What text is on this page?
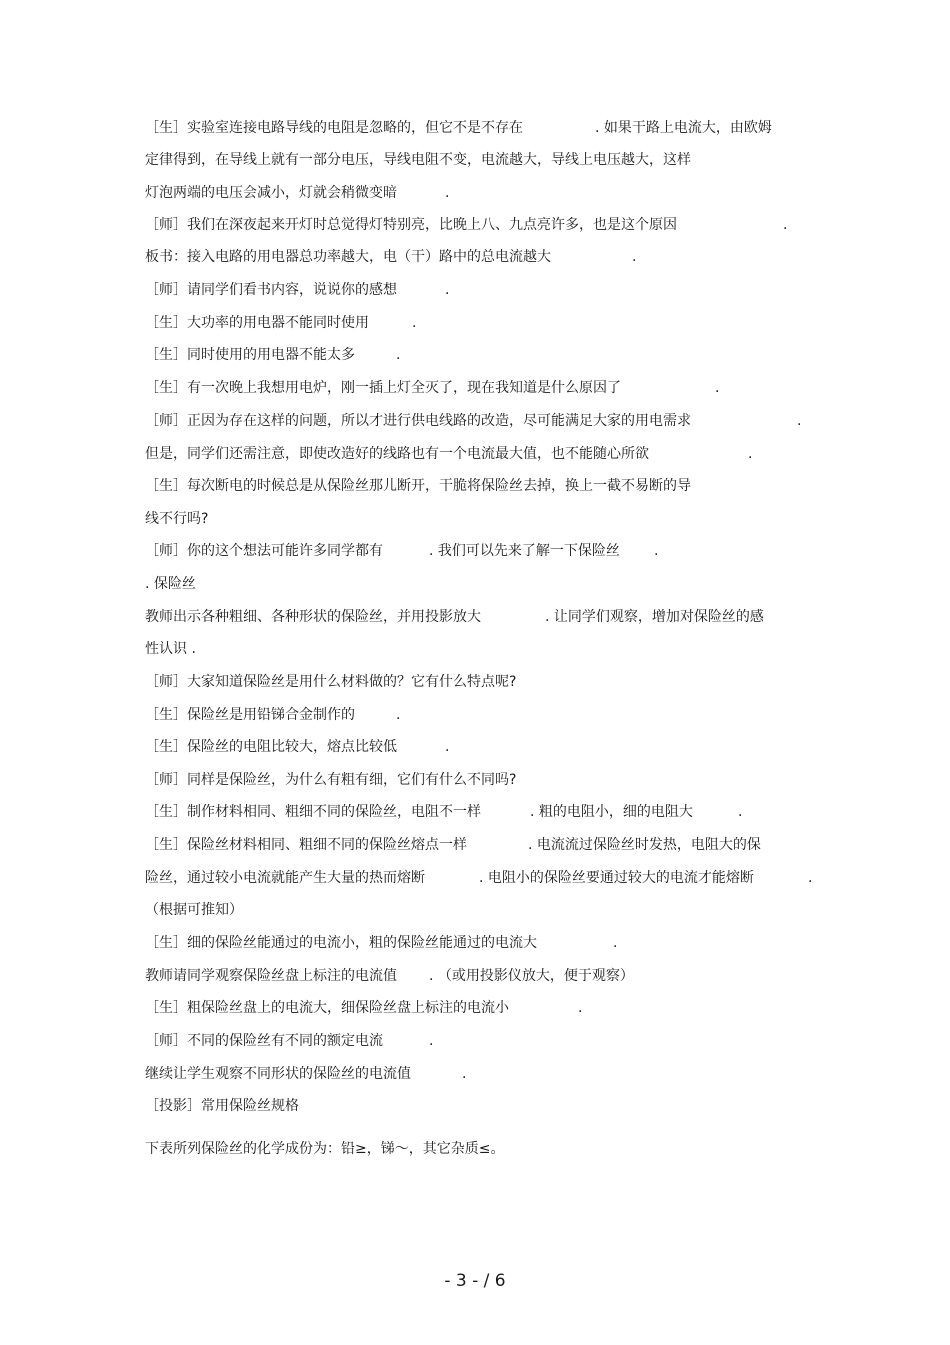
［生］实验室连接电路导线的电阻是忽略的，但它不是不存在	. 如果干路上电流大，由欧姆
定律得到，在导线上就有一部分电压，导线电阻不变，电流越大，导线上电压越大，这样
灯泡两端的电压会减小，灯就会稍微变暗	.
［师］我们在深夜起来开灯时总觉得灯特别亮，比晚上八、九点亮许多，也是这个原因	.
板书：接入电路的用电器总功率越大，电（干）路中的总电流越大	.
［师］请同学们看书内容，说说你的感想	.
［生］大功率的用电器不能同时使用	.
［生］同时使用的用电器不能太多	.
［生］有一次晚上我想用电炉，刚一插上灯全灭了，现在我知道是什么原因了	.
［师］正因为存在这样的问题，所以才进行供电线路的改造，尽可能满足大家的用电需求	.
但是，同学们还需注意，即使改造好的线路也有一个电流最大值，也不能随心所欲	.
［生］每次断电的时候总是从保险丝那儿断开，干脆将保险丝去掉，换上一截不易断的导
线不行吗?
［师］你的这个想法可能许多同学都有	. 我们可以先来了解一下保险丝 .
. 保险丝
教师出示各种粗细、各种形状的保险丝，并用投影放大	. 让同学们观察，增加对保险丝的感
性认识 .
［师］大家知道保险丝是用什么材料做的？它有什么特点呢?
［生］保险丝是用铅锑合金制作的	.
［生］保险丝的电阻比较大，熔点比较低	.
［师］同样是保险丝，为什么有粗有细，它们有什么不同吗?
［生］制作材料相同、粗细不同的保险丝，电阻不一样	. 粗的电阻小，细的电阻大	.
［生］保险丝材料相同、粗细不同的保险丝熔点一样	. 电流流过保险丝时发热，电阻大的保
险丝，通过较小电流就能产生大量的热而熔断	. 电阻小的保险丝要通过较大的电流才能熔断	.
（根据可推知）
［生］细的保险丝能通过的电流小，粗的保险丝能通过的电流大	.
教师请同学观察保险丝盘上标注的电流值 . （或用投影仪放大，便于观察）
［生］粗保险丝盘上的电流大，细保险丝盘上标注的电流小	.
［师］不同的保险丝有不同的额定电流	.
继续让学生观察不同形状的保险丝的电流值	.
［投影］常用保险丝规格
下表所列保险丝的化学成份为：铅≥，锑～，其它杂质≤。
- 3 - / 6
